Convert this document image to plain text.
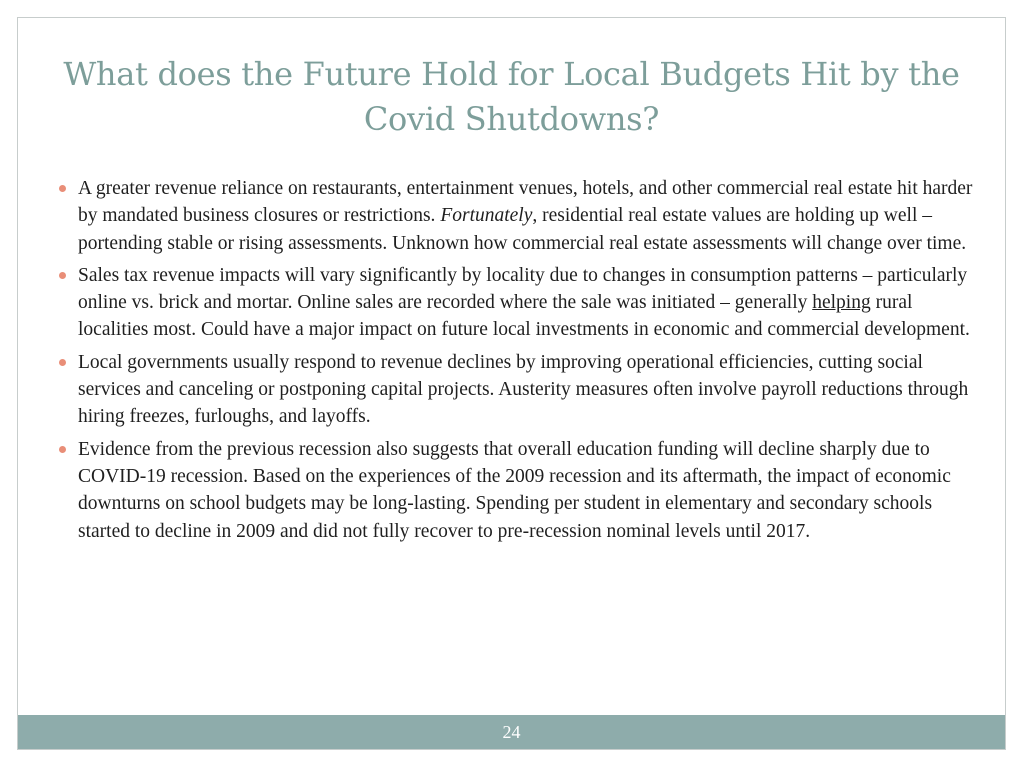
What does the Future Hold for Local Budgets Hit by the Covid Shutdowns?
A greater revenue reliance on restaurants, entertainment venues, hotels, and other commercial real estate hit harder by mandated business closures or restrictions. Fortunately, residential real estate values are holding up well – portending stable or rising assessments. Unknown how commercial real estate assessments will change over time.
Sales tax revenue impacts will vary significantly by locality due to changes in consumption patterns – particularly online vs. brick and mortar. Online sales are recorded where the sale was initiated – generally helping rural localities most. Could have a major impact on future local investments in economic and commercial development.
Local governments usually respond to revenue declines by improving operational efficiencies, cutting social services and canceling or postponing capital projects. Austerity measures often involve payroll reductions through hiring freezes, furloughs, and layoffs.
Evidence from the previous recession also suggests that overall education funding will decline sharply due to COVID-19 recession. Based on the experiences of the 2009 recession and its aftermath, the impact of economic downturns on school budgets may be long-lasting. Spending per student in elementary and secondary schools started to decline in 2009 and did not fully recover to pre-recession nominal levels until 2017.
24
